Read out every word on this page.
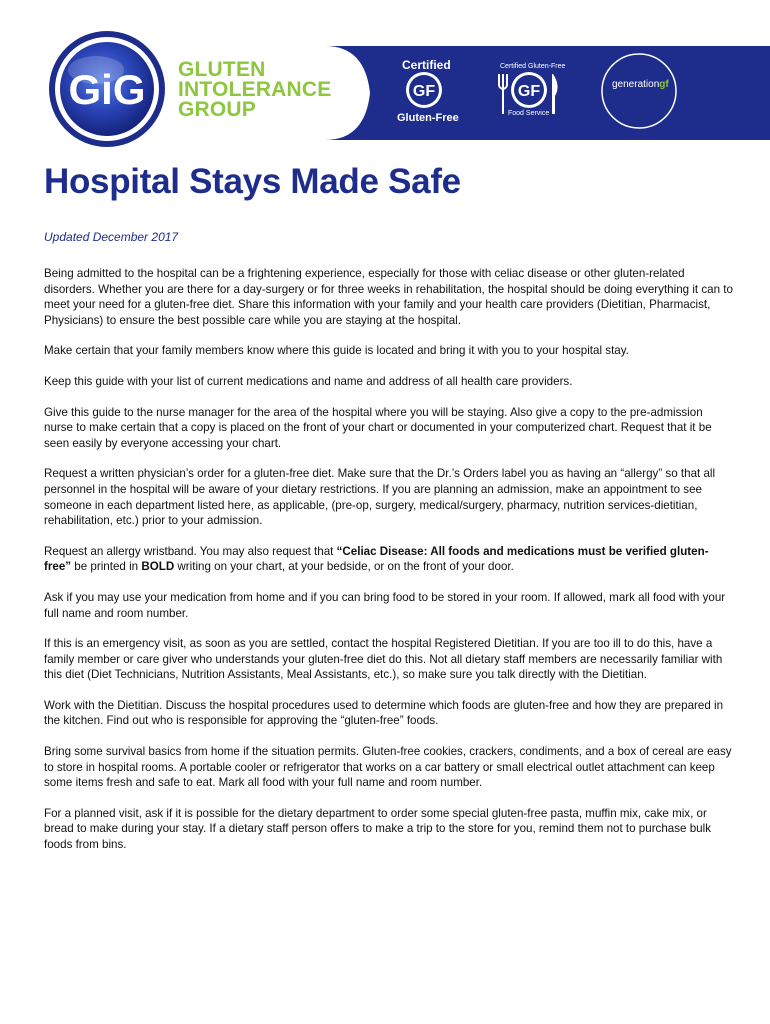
GiG	GF	GF
GLUTEN
INTOLERANCE
GROUP
Certified
Gluten-Free
Certified Gluten-Free
Food Service
generationgf
Hospital Stays Made Safe
Updated December 2017

Being admitted to the hospital can be a frightening experience, especially for those with celiac disease or other gluten-related disorders. Whether you are there for a day-surgery or for three weeks in rehabilitation, the hospital should be doing everything it can to meet your need for a gluten-free diet. Share this information with your family and your health care providers (Dietitian, Pharmacist, Physicians) to ensure the best possible care while you are staying at the hospital.

Make certain that your family members know where this guide is located and bring it with you to your hospital stay.

Keep this guide with your list of current medications and name and address of all health care providers.

Give this guide to the nurse manager for the area of the hospital where you will be staying. Also give a copy to the pre-admission nurse to make certain that a copy is placed on the front of your chart or documented in your computerized chart. Request that it be seen easily by everyone accessing your chart.

Request a written physician’s order for a gluten-free diet. Make sure that the Dr.’s Orders label you as having an “allergy” so that all personnel in the hospital will be aware of your dietary restrictions. If you are planning an admission, make an appointment to see someone in each department listed here, as applicable, (pre-op, surgery, medical/surgery, pharmacy, nutrition services-dietitian, rehabilitation, etc.) prior to your admission.

Request an allergy wristband. You may also request that “Celiac Disease: All foods and medications must be verified gluten-free” be printed in BOLD writing on your chart, at your bedside, or on the front of your door.

Ask if you may use your medication from home and if you can bring food to be stored in your room. If allowed, mark all food with your full name and room number.

If this is an emergency visit, as soon as you are settled, contact the hospital Registered Dietitian. If you are too ill to do this, have a family member or care giver who understands your gluten-free diet do this. Not all dietary staff members are necessarily familiar with this diet (Diet Technicians, Nutrition Assistants, Meal Assistants, etc.), so make sure you talk directly with the Dietitian.

Work with the Dietitian. Discuss the hospital procedures used to determine which foods are gluten-free and how they are prepared in the kitchen. Find out who is responsible for approving the “gluten-free” foods.

Bring some survival basics from home if the situation permits. Gluten-free cookies, crackers, condiments, and a box of cereal are easy to store in hospital rooms. A portable cooler or refrigerator that works on a car battery or small electrical outlet attachment can keep some items fresh and safe to eat. Mark all food with your full name and room number.

For a planned visit, ask if it is possible for the dietary department to order some special gluten-free pasta, muffin mix, cake mix, or bread to make during your stay. If a dietary staff person offers to make a trip to the store for you, remind them not to purchase bulk foods from bins.
